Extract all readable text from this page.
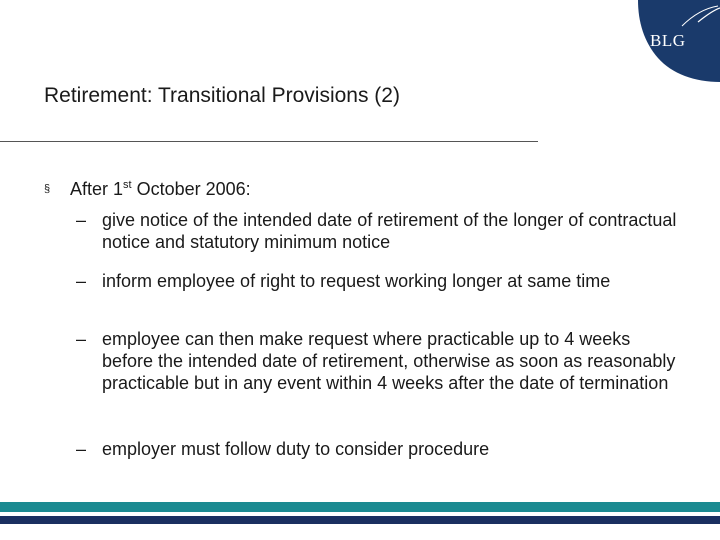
BLG
Retirement: Transitional Provisions (2)
§ After 1st October 2006:
– give notice of the intended date of retirement of the longer of contractual notice and statutory minimum notice
– inform employee of right to request working longer at same time
– employee can then make request where practicable up to 4 weeks before the intended date of retirement, otherwise as soon as reasonably practicable but in any event within 4 weeks after the date of termination
– employer must follow duty to consider procedure
